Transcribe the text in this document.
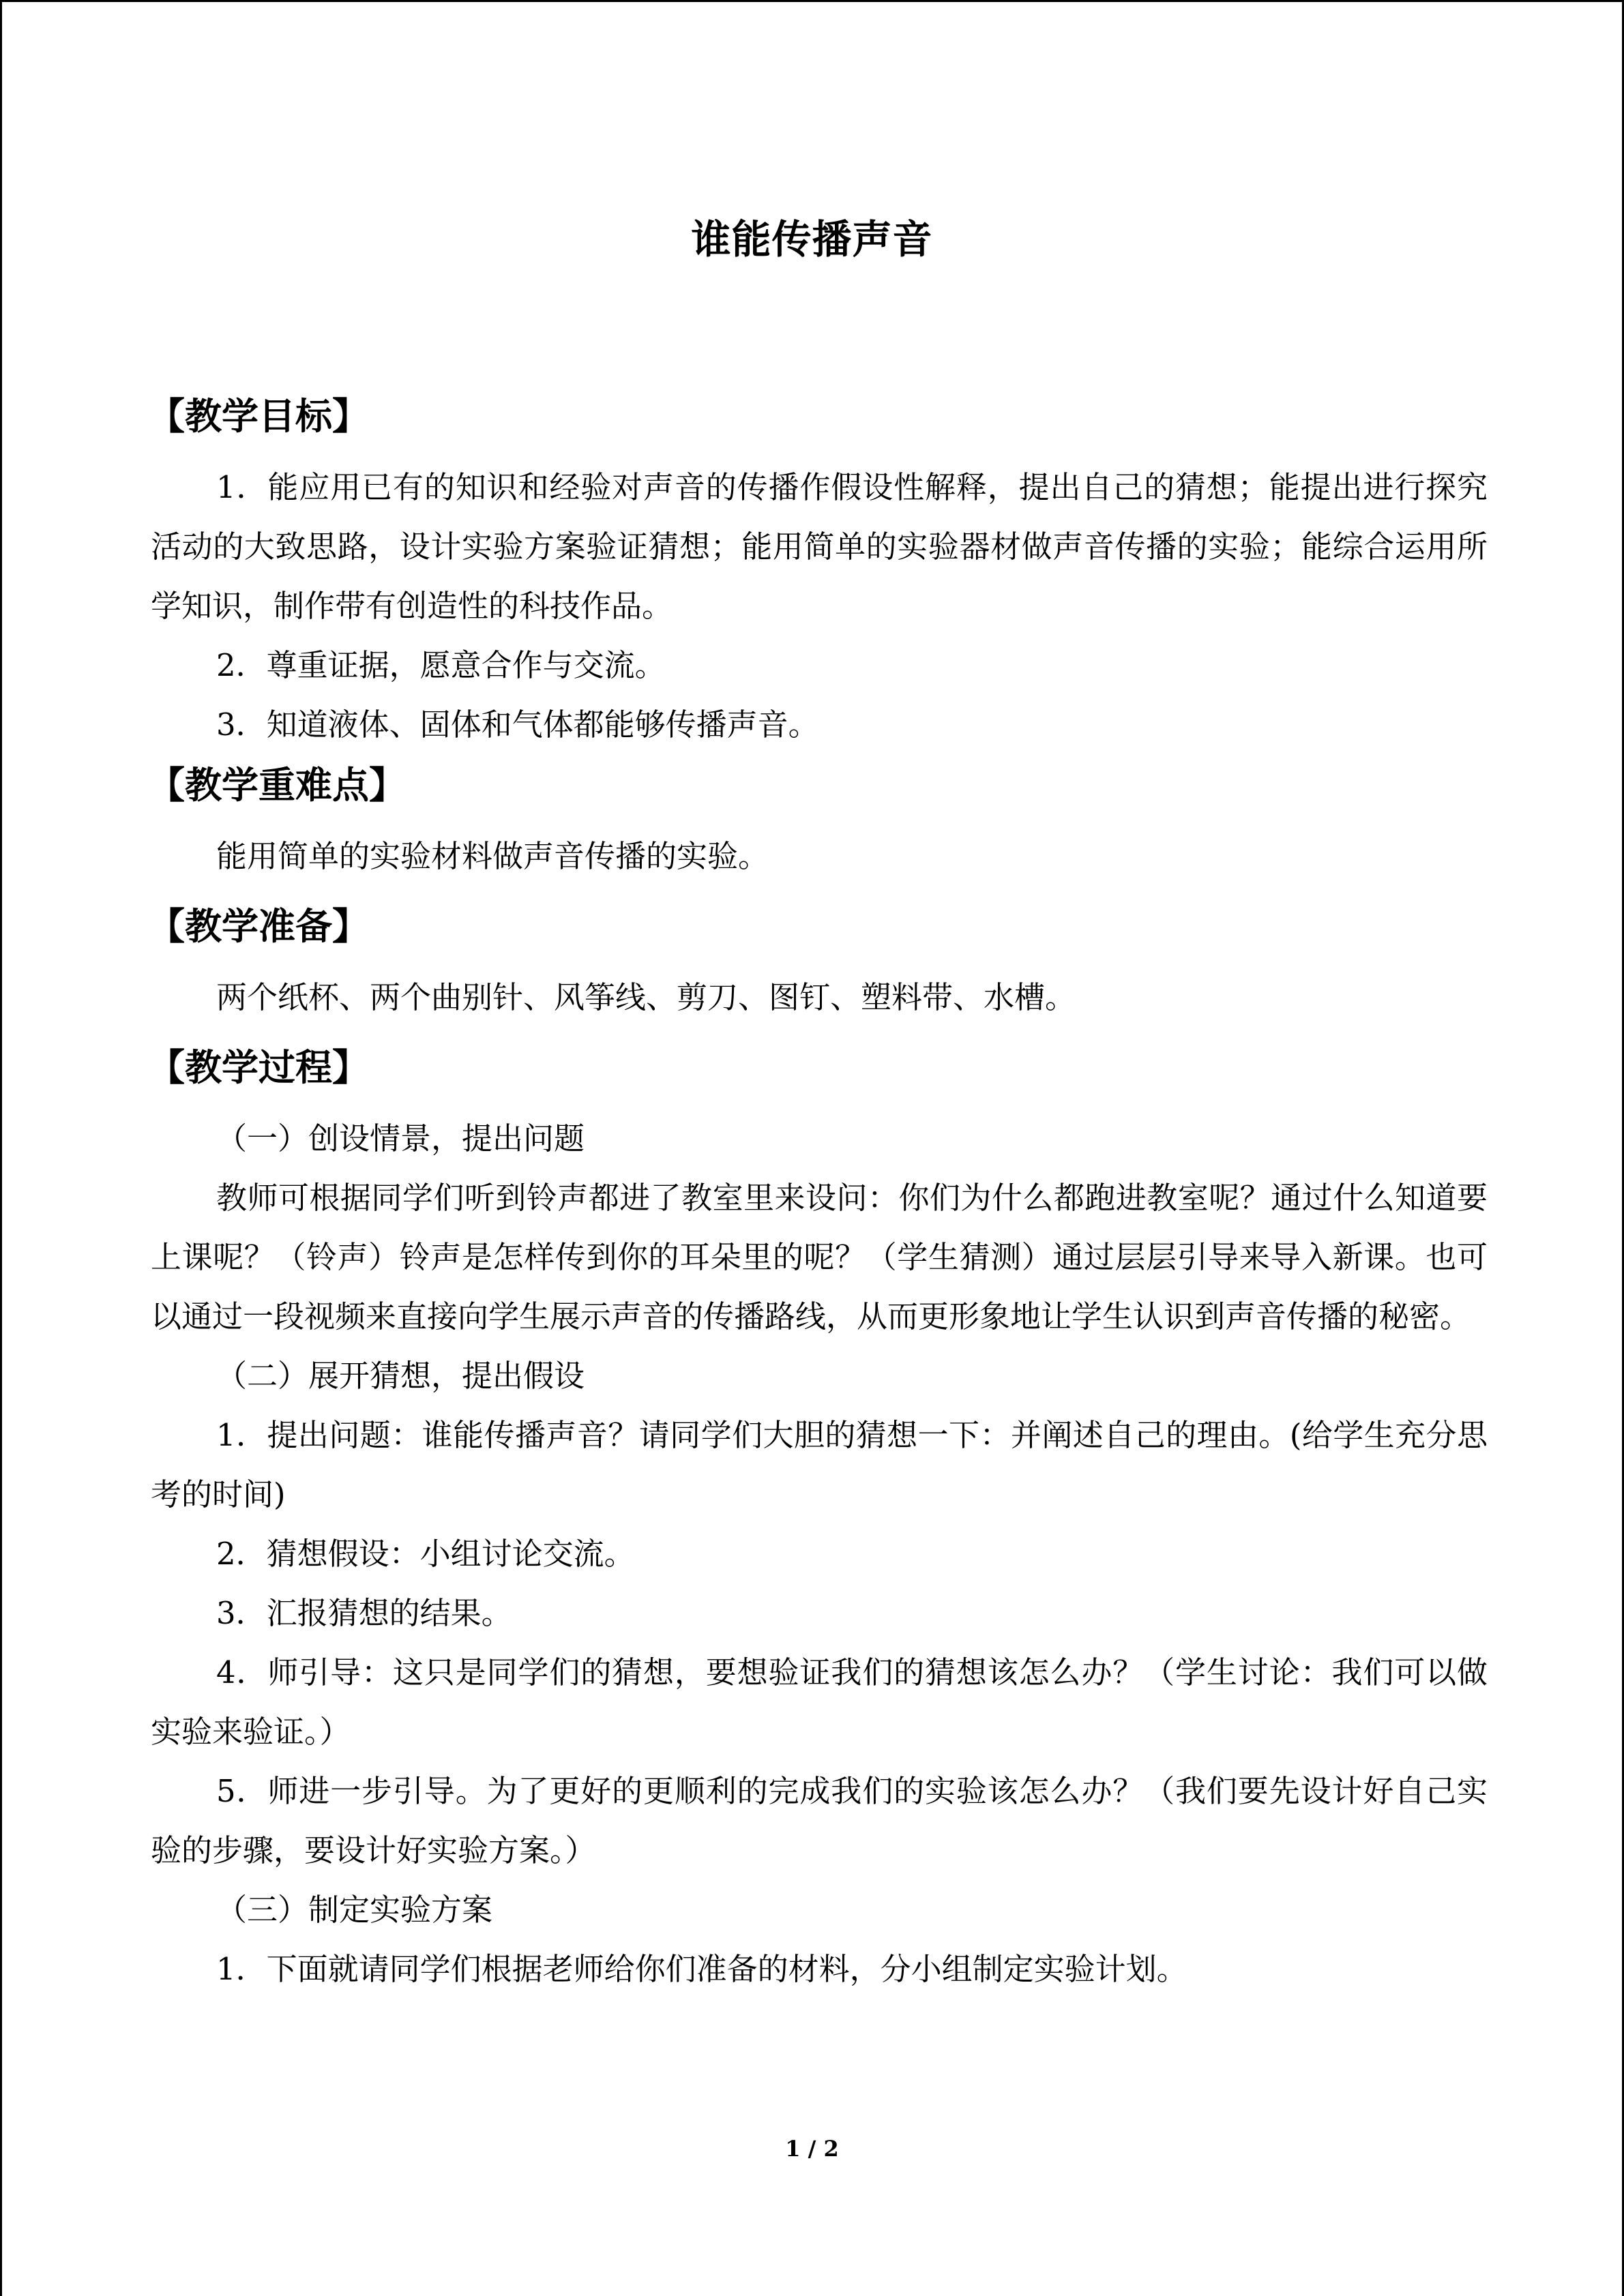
谁能传播声音

【教学目标】

1．能应用已有的知识和经验对声音的传播作假设性解释，提出自己的猜想；能提出进行探究活动的大致思路，设计实验方案验证猜想；能用简单的实验器材做声音传播的实验；能综合运用所学知识，制作带有创造性的科技作品。

2．尊重证据，愿意合作与交流。

3．知道液体、固体和气体都能够传播声音。

【教学重难点】

能用简单的实验材料做声音传播的实验。

【教学准备】

两个纸杯、两个曲别针、风筝线、剪刀、图钉、塑料带、水槽。

【教学过程】

（一）创设情景，提出问题

教师可根据同学们听到铃声都进了教室里来设问：你们为什么都跑进教室呢？通过什么知道要上课呢？（铃声）铃声是怎样传到你的耳朵里的呢？（学生猜测）通过层层引导来导入新课。也可以通过一段视频来直接向学生展示声音的传播路线，从而更形象地让学生认识到声音传播的秘密。

（二）展开猜想，提出假设

1．提出问题：谁能传播声音？请同学们大胆的猜想一下：并阐述自己的理由。(给学生充分思考的时间)

2．猜想假设：小组讨论交流。

3．汇报猜想的结果。

4．师引导：这只是同学们的猜想，要想验证我们的猜想该怎么办？（学生讨论：我们可以做实验来验证。）

5．师进一步引导。为了更好的更顺利的完成我们的实验该怎么办？（我们要先设计好自己实验的步骤，要设计好实验方案。）

（三）制定实验方案

1．下面就请同学们根据老师给你们准备的材料，分小组制定实验计划。

1 / 2
